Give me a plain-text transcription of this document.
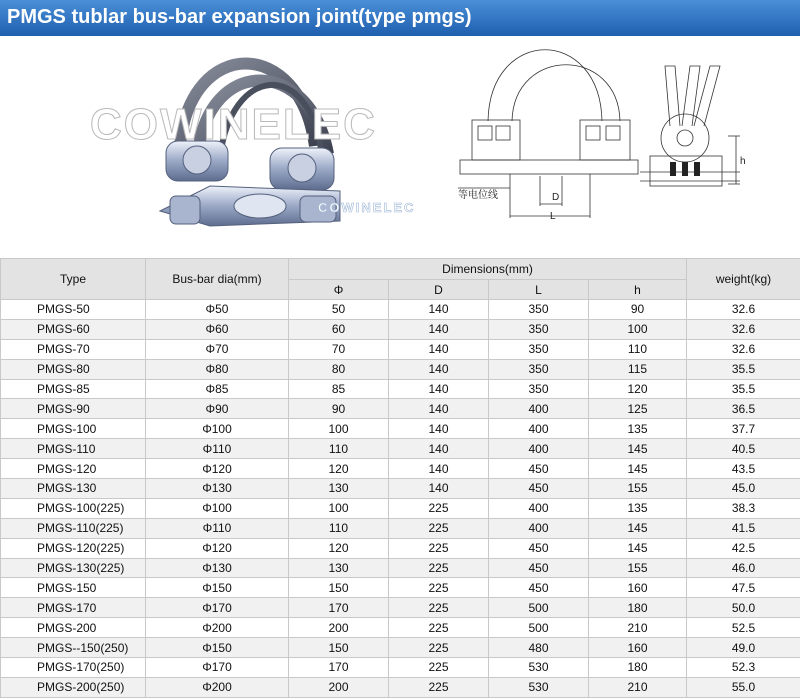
PMGS tublar bus-bar expansion joint(type pmgs)
D
L
h
等电位线
COWINELEC
COWINELEC
Type	Bus-bar dia(mm)	Dimensions(mm)				weight(kg)
		Φ	D	L	h	
PMGS-50	Φ50	50	140	350	90	32.6
PMGS-60	Φ60	60	140	350	100	32.6
PMGS-70	Φ70	70	140	350	110	32.6
PMGS-80	Φ80	80	140	350	115	35.5
PMGS-85	Φ85	85	140	350	120	35.5
PMGS-90	Φ90	90	140	400	125	36.5
PMGS-100	Φ100	100	140	400	135	37.7
PMGS-110	Φ110	110	140	400	145	40.5
PMGS-120	Φ120	120	140	450	145	43.5
PMGS-130	Φ130	130	140	450	155	45.0
PMGS-100(225)	Φ100	100	225	400	135	38.3
PMGS-110(225)	Φ110	110	225	400	145	41.5
PMGS-120(225)	Φ120	120	225	450	145	42.5
PMGS-130(225)	Φ130	130	225	450	155	46.0
PMGS-150	Φ150	150	225	450	160	47.5
PMGS-170	Φ170	170	225	500	180	50.0
PMGS-200	Φ200	200	225	500	210	52.5
PMGS--150(250)	Φ150	150	225	480	160	49.0
PMGS-170(250)	Φ170	170	225	530	180	52.3
PMGS-200(250)	Φ200	200	225	530	210	55.0
